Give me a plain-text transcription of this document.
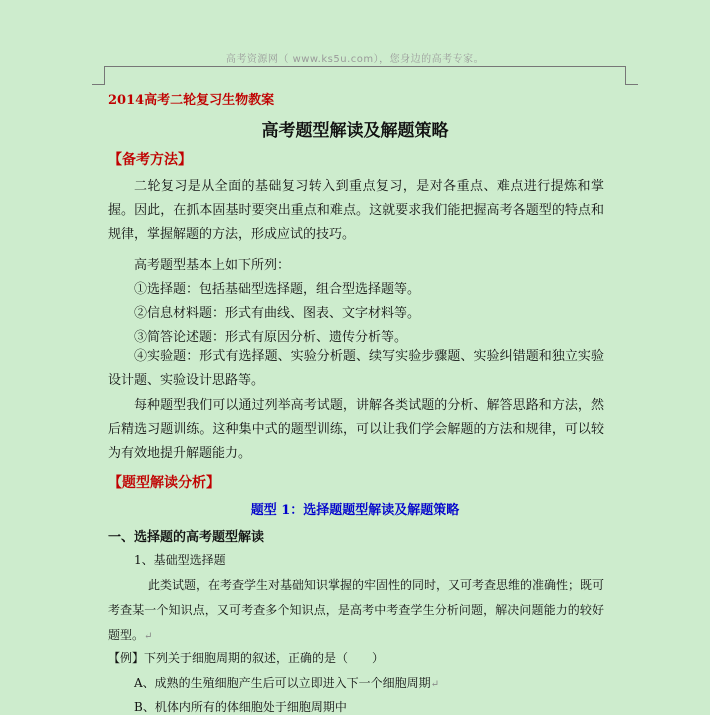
高考资源网（ www.ks5u.com），您身边的高考专家。
2014高考二轮复习生物教案
高考题型解读及解题策略
【备考方法】
二轮复习是从全面的基础复习转入到重点复习，是对各重点、难点进行提炼和掌握。因此，在抓本固基时要突出重点和难点。这就要求我们能把握高考各题型的特点和规律，掌握解题的方法，形成应试的技巧。
高考题型基本上如下所列：
①选择题：包括基础型选择题，组合型选择题等。
②信息材料题：形式有曲线、图表、文字材料等。
③简答论述题：形式有原因分析、遗传分析等。
④实验题：形式有选择题、实验分析题、续写实验步骤题、实验纠错题和独立实验设计题、实验设计思路等。
每种题型我们可以通过列举高考试题，讲解各类试题的分析、解答思路和方法，然后精选习题训练。这种集中式的题型训练，可以让我们学会解题的方法和规律，可以较为有效地提升解题能力。
【题型解读分析】
题型 1：选择题题型解读及解题策略
一、选择题的高考题型解读
1、基础型选择题
此类试题，在考查学生对基础知识掌握的牢固性的同时，又可考查思维的准确性；既可考查某一个知识点，又可考查多个知识点，是高考中考查学生分析问题，解决问题能力的较好题型。↵
【例】下列关于细胞周期的叙述，正确的是（　　）
A、成熟的生殖细胞产生后可以立即进入下一个细胞周期↵
B、机体内所有的体细胞处于细胞周期中
